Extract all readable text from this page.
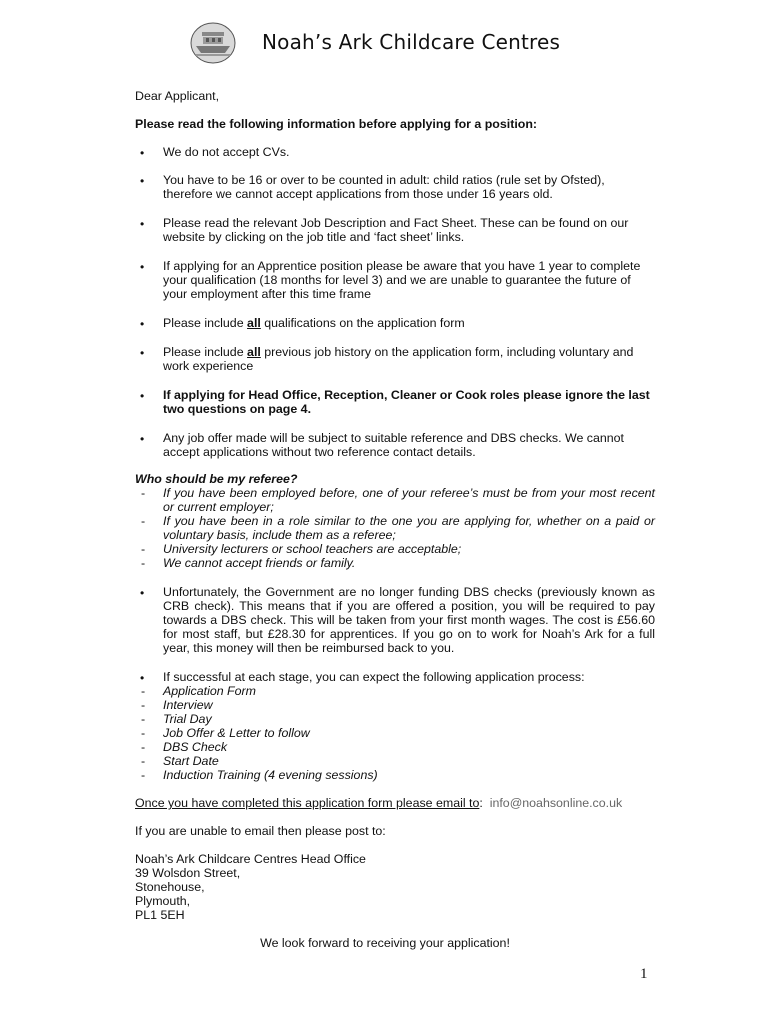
Noah’s Ark Childcare Centres
Dear Applicant,
Please read the following information before applying for a position:
• We do not accept CVs.
• You have to be 16 or over to be counted in adult: child ratios (rule set by Ofsted), therefore we cannot accept applications from those under 16 years old.
• Please read the relevant Job Description and Fact Sheet. These can be found on our website by clicking on the job title and ‘fact sheet’ links.
• If applying for an Apprentice position please be aware that you have 1 year to complete your qualification (18 months for level 3) and we are unable to guarantee the future of your employment after this time frame
• Please include all qualifications on the application form
• Please include all previous job history on the application form, including voluntary and work experience
• If applying for Head Office, Reception, Cleaner or Cook roles please ignore the last two questions on page 4.
• Any job offer made will be subject to suitable reference and DBS checks. We cannot accept applications without two reference contact details.
Who should be my referee?
- If you have been employed before, one of your referee’s must be from your most recent or current employer;
- If you have been in a role similar to the one you are applying for, whether on a paid or voluntary basis, include them as a referee;
- University lecturers or school teachers are acceptable;
- We cannot accept friends or family.
• Unfortunately, the Government are no longer funding DBS checks (previously known as CRB check). This means that if you are offered a position, you will be required to pay towards a DBS check. This will be taken from your first month wages. The cost is £56.60 for most staff, but £28.30 for apprentices. If you go on to work for Noah’s Ark for a full year, this money will then be reimbursed back to you.
• If successful at each stage, you can expect the following application process:
- Application Form
- Interview
- Trial Day
- Job Offer & Letter to follow
- DBS Check
- Start Date
- Induction Training (4 evening sessions)
Once you have completed this application form please email to: info@noahsonline.co.uk
If you are unable to email then please post to:
Noah’s Ark Childcare Centres Head Office
39 Wolsdon Street,
Stonehouse,
Plymouth,
PL1 5EH
We look forward to receiving your application!
1
